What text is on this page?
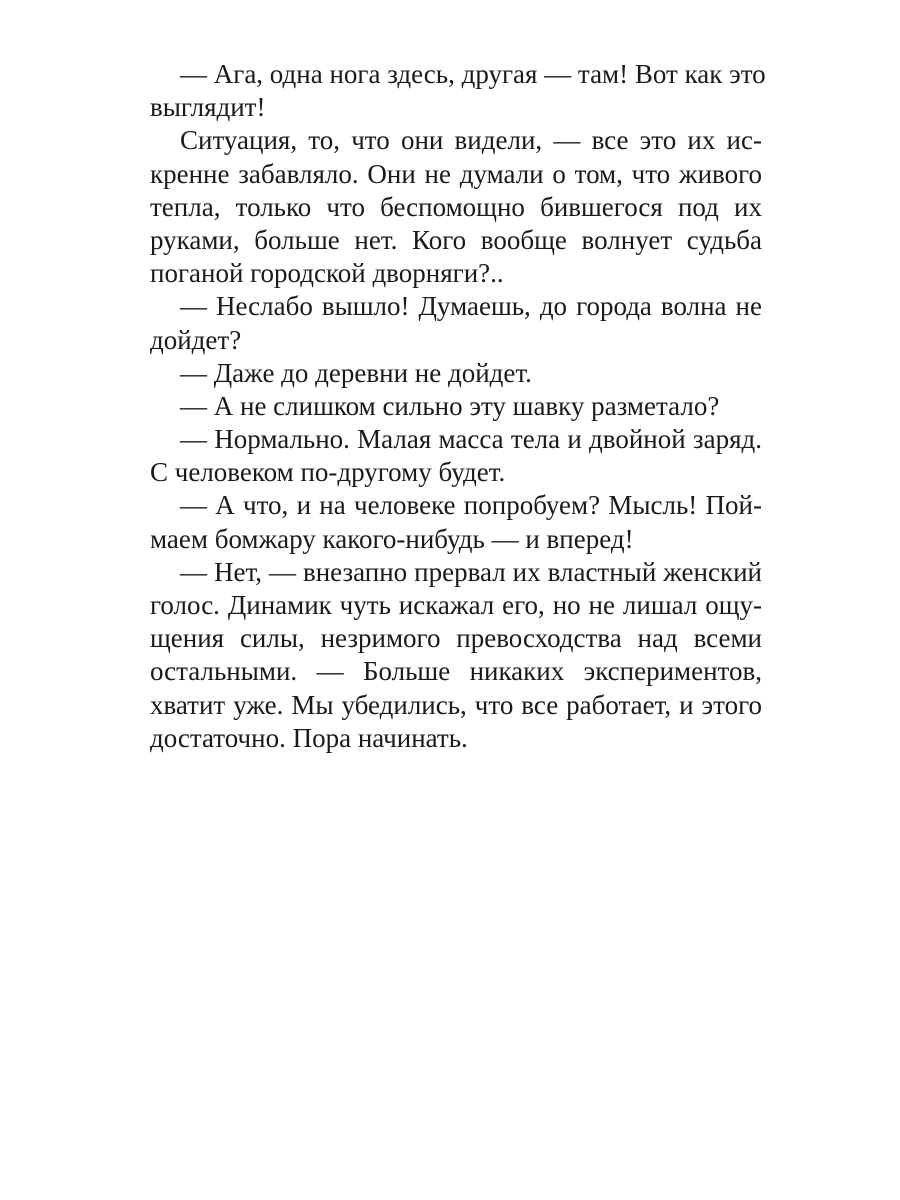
— Ага, одна нога здесь, другая — там! Вот как это
выглядит!
Ситуация, то, что они видели, — все это их ис-
кренне забавляло. Они не думали о том, что живого
тепла, только что беспомощно бившегося под их
руками, больше нет. Кого вообще волнует судьба
поганой городской дворняги?..
— Неслабо вышло! Думаешь, до города волна не
дойдет?
— Даже до деревни не дойдет.
— А не слишком сильно эту шавку разметало?
— Нормально. Малая масса тела и двойной заряд.
С человеком по-другому будет.
— А что, и на человеке попробуем? Мысль! Пой-
маем бомжару какого-нибудь — и вперед!
— Нет, — внезапно прервал их властный женский
голос. Динамик чуть искажал его, но не лишал ощу-
щения силы, незримого превосходства над всеми
остальными. — Больше никаких экспериментов,
хватит уже. Мы убедились, что все работает, и этого
достаточно. Пора начинать.
